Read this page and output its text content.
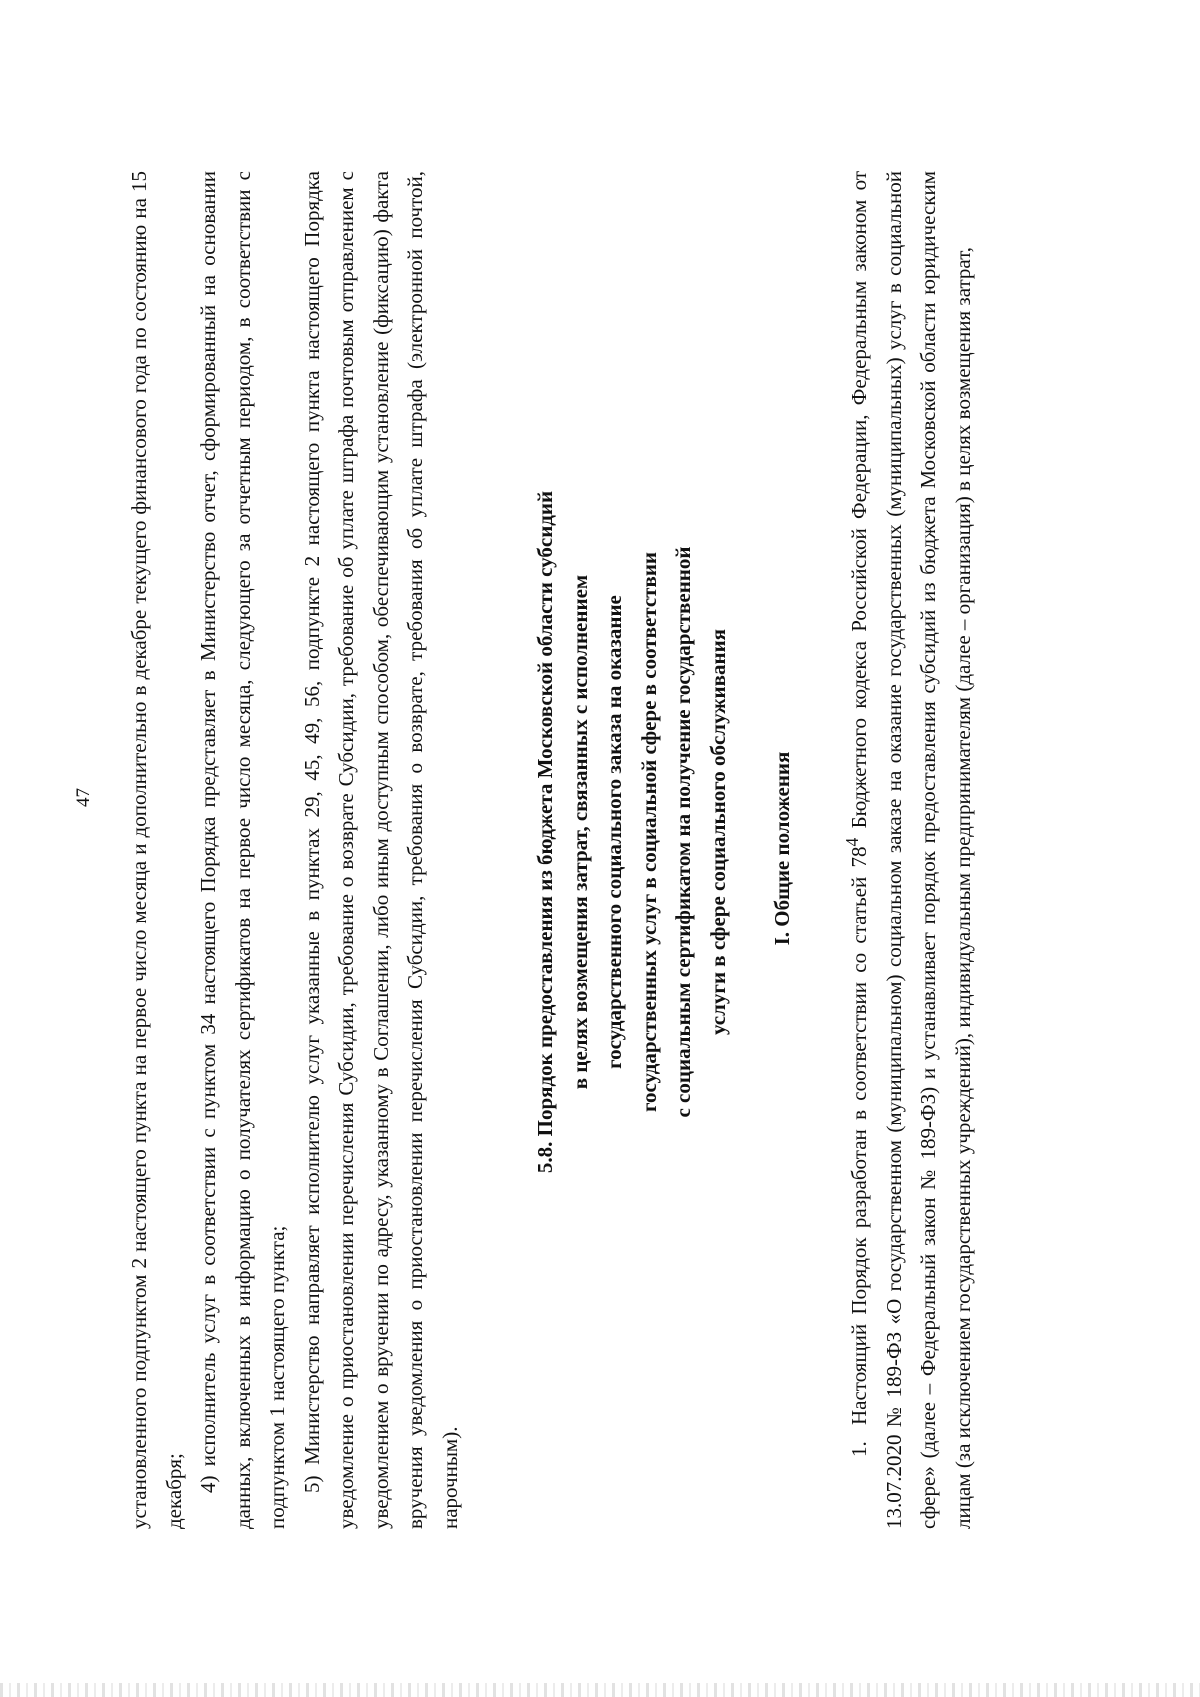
47 установленного подпунктом 2 настоящего пункта на первое число месяца и дополнительно в декабре текущего финансового года по состоянию на 15 декабря; 4) исполнитель услуг в соответствии с пунктом 34 настоящего Порядка представляет в Министерство отчет, сформированный на основании данных, включенных в информацию о получателях сертификатов на первое число месяца, следующего за отчетным периодом, в соответствии с подпунктом 1 настоящего пункта; 5) Министерство направляет исполнителю услуг указанные в пунктах 29, 45, 49, 56, подпункте 2 настоящего пункта настоящего Порядка уведомление о приостановлении перечисления Субсидии, требование о возврате Субсидии, требование об уплате штрафа почтовым отправлением с уведомлением о вручении по адресу, указанному в Соглашении, либо иным доступным способом, обеспечивающим установление (фиксацию) факта вручения уведомления о приостановлении перечисления Субсидии, требования о возврате, требования об уплате штрафа (электронной почтой, нарочным).

5.8. Порядок предоставления из бюджета Московской области субсидий в целях возмещения затрат, связанных с исполнением государственного социального заказа на оказание государственных услуг в социальной сфере в соответствии с социальным сертификатом на получение государственной услуги в сфере социального обслуживания I. Общие положения

1.Настоящий Порядок разработан в соответствии со статьей $78^4$ Бюджетного кодекса Российской Федерации, Федеральным законом от 13.07.2020 № 189-ФЗ «О государственном (муниципальном) социальном заказе на оказание государственных (муниципальных) услуг в социальной сфере» (далее – Федеральный закон № 189-ФЗ) и устанавливает порядок предоставления субсидий из бюджета Московской области юридическим лицам (за исключением государственных учреждений), индивидуальным предпринимателям (далее – организация) в целях возмещения затрат,
